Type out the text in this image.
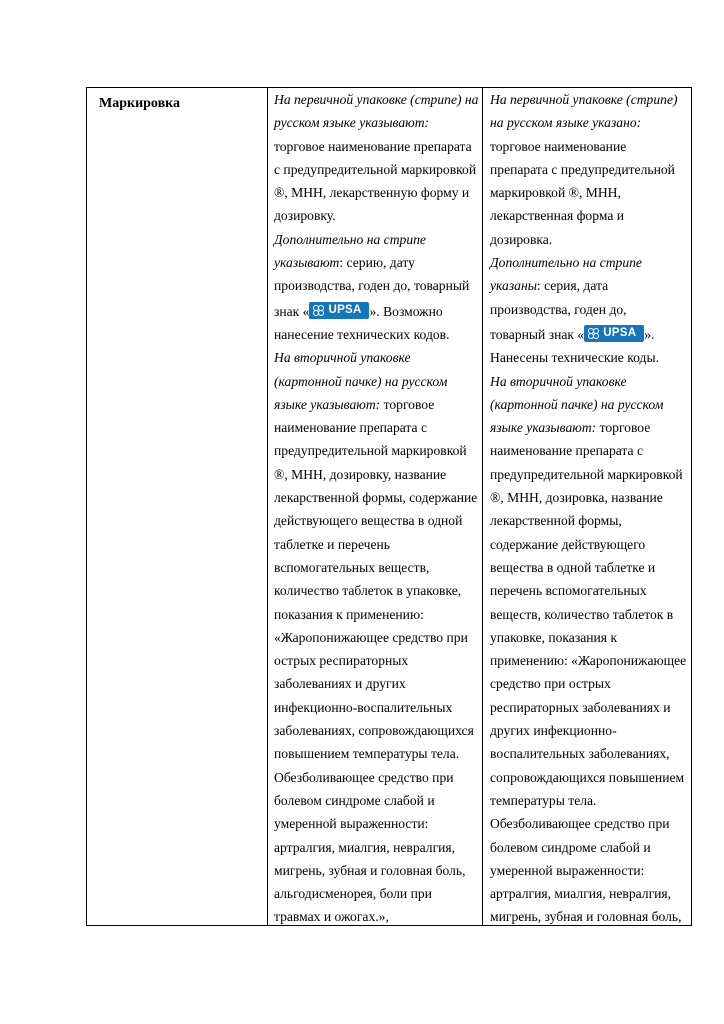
Маркировка	На первичной упаковке (стрипе) на
русском языке указывают:
торговое наименование препарата
с предупредительной маркировкой
®, МНН, лекарственную форму и
дозировку.
Дополнительно на стрипе
указывают: серию, дату
производства, годен до, товарный
знак « UPSA ». Возможно
нанесение технических кодов.
На вторичной упаковке
(картонной пачке) на русском
языке указывают: торговое
наименование препарата с
предупредительной маркировкой
®, МНН, дозировку, название
лекарственной формы, содержание
действующего вещества в одной
таблетке и перечень
вспомогательных веществ,
количество таблеток в упаковке,
показания к применению:
«Жаропонижающее средство при
острых респираторных
заболеваниях и других
инфекционно-воспалительных
заболеваниях, сопровождающихся
повышением температуры тела.
Обезболивающее средство при
болевом синдроме слабой и
умеренной выраженности:
артралгия, миалгия, невралгия,
мигрень, зубная и головная боль,
альгодисменорея, боли при
травмах и ожогах.»,
На первичной упаковке (стрипе)
на русском языке указано:
торговое наименование
препарата с предупредительной
маркировкой ®, МНН,
лекарственная форма и
дозировка.
Дополнительно на стрипе
указаны: серия, дата
производства, годен до,
товарный знак « UPSA ».
Нанесены технические коды.
На вторичной упаковке
(картонной пачке) на русском
языке указывают: торговое
наименование препарата с
предупредительной маркировкой
®, МНН, дозировка, название
лекарственной формы,
содержание действующего
вещества в одной таблетке и
перечень вспомогательных
веществ, количество таблеток в
упаковке, показания к
применению: «Жаропонижающее
средство при острых
респираторных заболеваниях и
других инфекционно-
воспалительных заболеваниях,
сопровождающихся повышением
температуры тела.
Обезболивающее средство при
болевом синдроме слабой и
умеренной выраженности:
артралгия, миалгия, невралгия,
мигрень, зубная и головная боль,
